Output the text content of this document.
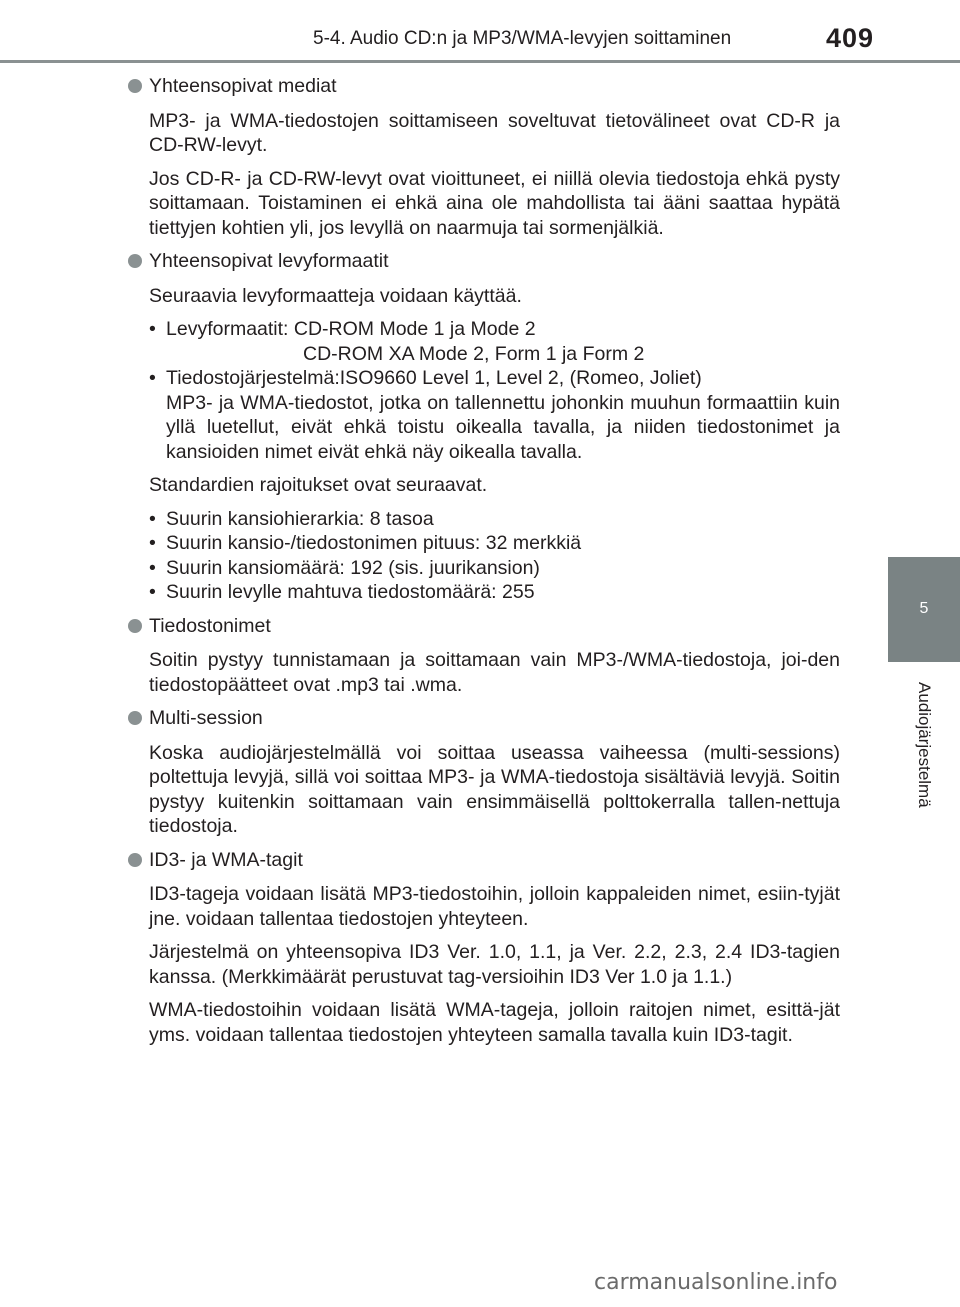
5-4. Audio CD:n ja MP3/WMA-levyjen soittaminen	409
5
Audiojärjestelmä
Yhteensopivat mediat

MP3- ja WMA-tiedostojen soittamiseen soveltuvat tietovälineet ovat CD-R ja CD-RW-levyt.

Jos CD-R- ja CD-RW-levyt ovat vioittuneet, ei niillä olevia tiedostoja ehkä pysty soittamaan. Toistaminen ei ehkä aina ole mahdollista tai ääni saattaa hypätä tiettyjen kohtien yli, jos levyllä on naarmuja tai sormenjälkiä.

Yhteensopivat levyformaatit

Seuraavia levyformaatteja voidaan käyttää.

• Levyformaatit: CD-ROM Mode 1 ja Mode 2
CD-ROM XA Mode 2, Form 1 ja Form 2
• Tiedostojärjestelmä:ISO9660 Level 1, Level 2, (Romeo, Joliet)
MP3- ja WMA-tiedostot, jotka on tallennettu johonkin muuhun formaattiin kuin yllä luetellut, eivät ehkä toistu oikealla tavalla, ja niiden tiedostonimet ja kansioiden nimet eivät ehkä näy oikealla tavalla.

Standardien rajoitukset ovat seuraavat.

• Suurin kansiohierarkia: 8 tasoa
• Suurin kansio-/tiedostonimen pituus: 32 merkkiä
• Suurin kansiomäärä: 192 (sis. juurikansion)
• Suurin levylle mahtuva tiedostomäärä: 255
Tiedostonimet

Soitin pystyy tunnistamaan ja soittamaan vain MP3-/WMA-tiedostoja, joi-den tiedostopäätteet ovat .mp3 tai .wma.

Multi-session

Koska audiojärjestelmällä voi soittaa useassa vaiheessa (multi-sessions) poltettuja levyjä, sillä voi soittaa MP3- ja WMA-tiedostoja sisältäviä levyjä. Soitin pystyy kuitenkin soittamaan vain ensimmäisellä polttokerralla tallen-nettuja tiedostoja.

ID3- ja WMA-tagit

ID3-tageja voidaan lisätä MP3-tiedostoihin, jolloin kappaleiden nimet, esiin-tyjät jne. voidaan tallentaa tiedostojen yhteyteen.

Järjestelmä on yhteensopiva ID3 Ver. 1.0, 1.1, ja Ver. 2.2, 2.3, 2.4 ID3-tagien kanssa. (Merkkimäärät perustuvat tag-versioihin ID3 Ver 1.0 ja 1.1.)

WMA-tiedostoihin voidaan lisätä WMA-tageja, jolloin raitojen nimet, esittä-jät yms. voidaan tallentaa tiedostojen yhteyteen samalla tavalla kuin ID3-tagit.

carmanualsonline.info
